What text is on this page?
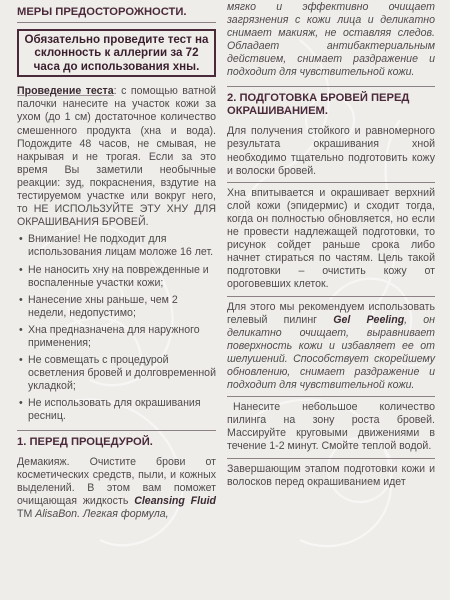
МЕРЫ ПРЕДОСТОРОЖНОСТИ.
Обязательно проведите тест на склонность к аллергии за 72 часа до использования хны.

Проведение теста: с помощью ватной палочки нанесите на участок кожи за ухом (до 1 см) достаточное количество смешенного продукта (хна и вода). Подождите 48 часов, не смывая, не накрывая и не трогая. Если за это время Вы заметили необычные реакции: зуд, покраснения, вздутие на тестируемом участке или вокруг него, то НЕ ИСПОЛЬЗУЙТЕ ЭТУ ХНУ ДЛЯ ОКРАШИВАНИЯ БРОВЕЙ.

• Внимание! Не подходит для использования лицам моложе 16 лет.
• Не наносить хну на поврежденные и воспаленные участки кожи;
• Нанесение хны раньше, чем 2 недели, недопустимо;
• Хна предназначена для наружного применения;
• Не совмещать с процедурой осветления бровей и долговременной укладкой;
• Не использовать для окрашивания ресниц.
1. ПЕРЕД ПРОЦЕДУРОЙ.

Демакияж. Очистите брови от косметических средств, пыли, и кожных выделений. В этом вам поможет очищающая жидкость Cleansing Fluid ТМ AlisaBon. Легкая формула,

мягко и эффективно очищает загрязнения с кожи лица и деликатно снимает макияж, не оставляя следов. Обладает антибактериальным действием, снимает раздражение и подходит для чувствительной кожи.

2. ПОДГОТОВКА БРОВЕЙ ПЕРЕД ОКРАШИВАНИЕМ.

Для получения стойкого и равномерного результата окрашивания хной необходимо тщательно подготовить кожу и волоски бровей.

Хна впитывается и окрашивает верхний слой кожи (эпидермис) и сходит тогда, когда он полностью обновляется, но если не провести надлежащей подготовки, то рисунок сойдет раньше срока либо начнет стираться по частям. Цель такой подготовки – очистить кожу от ороговевших клеток.

Для этого мы рекомендуем использовать гелевый пилинг Gel Peeling, он деликатно очищает, выравнивает поверхность кожи и избавляет ее от шелушений. Способствует скорейшему обновлению, снимает раздражение и подходит для чувствительной кожи.

Нанесите небольшое количество пилинга на зону роста бровей. Массируйте круговыми движениями в течение 1-2 минут. Смойте теплой водой.

Завершающим этапом подготовки кожи и волосков перед окрашиванием идет
